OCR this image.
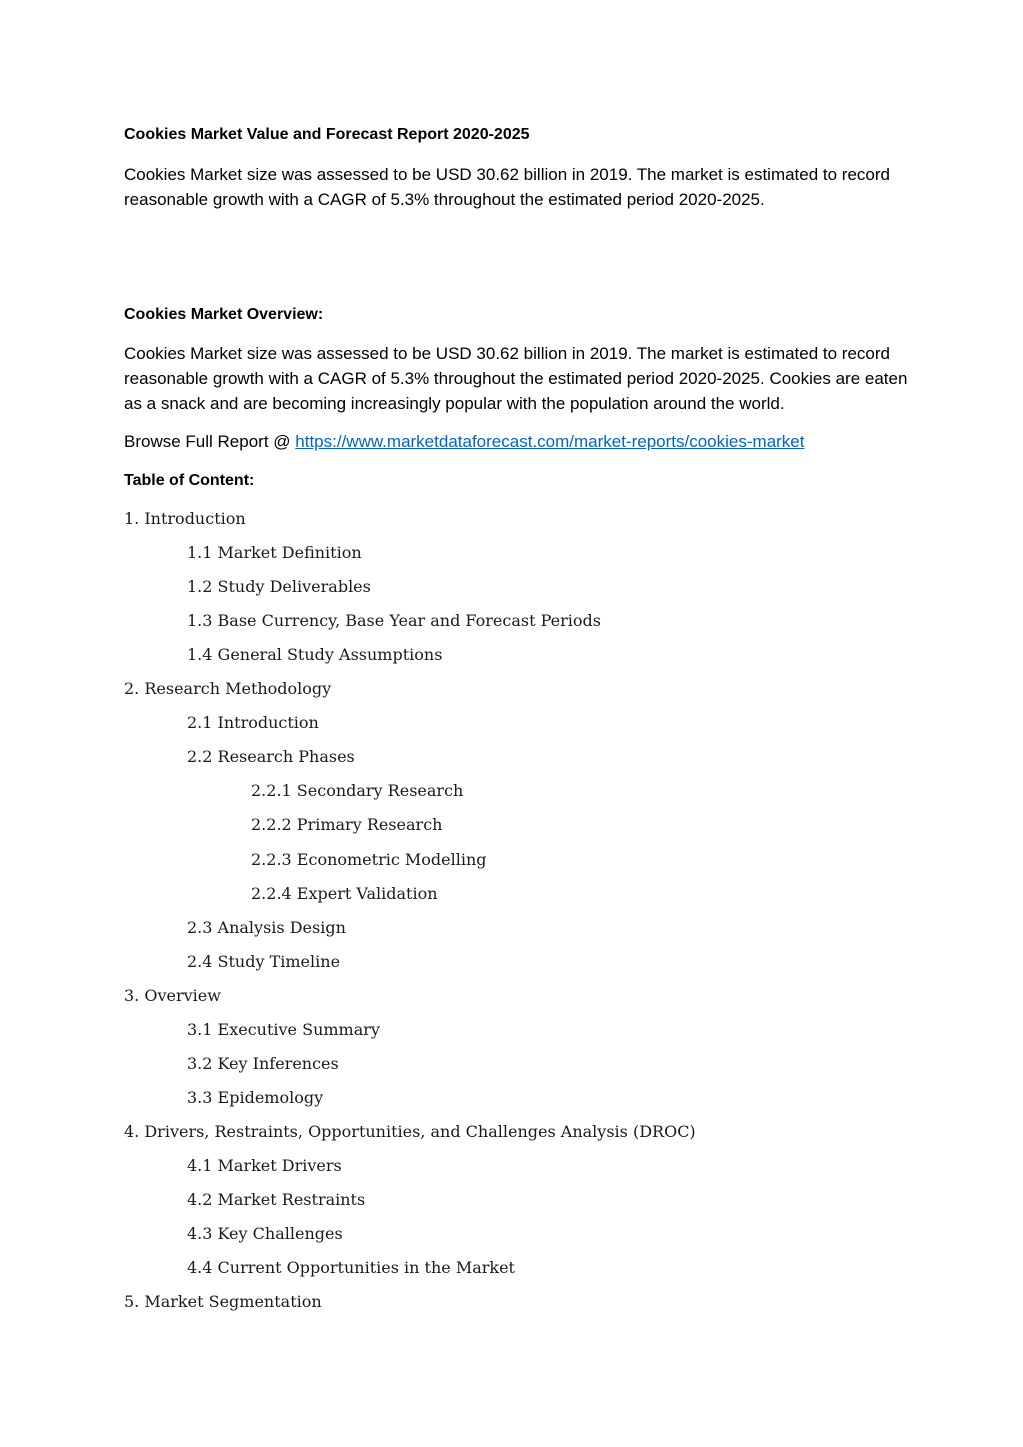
Cookies Market Value and Forecast Report 2020-2025

Cookies Market size was assessed to be USD 30.62 billion in 2019. The market is estimated to record reasonable growth with a CAGR of 5.3% throughout the estimated period 2020-2025.

Cookies Market Overview:

Cookies Market size was assessed to be USD 30.62 billion in 2019. The market is estimated to record reasonable growth with a CAGR of 5.3% throughout the estimated period 2020-2025. Cookies are eaten as a snack and are becoming increasingly popular with the population around the world.

Browse Full Report @ https://www.marketdataforecast.com/market-reports/cookies-market
Table of Content:
1. Introduction
1.1 Market Definition
1.2 Study Deliverables
1.3 Base Currency, Base Year and Forecast Periods
1.4 General Study Assumptions
2. Research Methodology
2.1 Introduction
2.2 Research Phases
2.2.1 Secondary Research
2.2.2 Primary Research
2.2.3 Econometric Modelling
2.2.4 Expert Validation
2.3 Analysis Design
2.4 Study Timeline
3. Overview
3.1 Executive Summary
3.2 Key Inferences
3.3 Epidemology
4. Drivers, Restraints, Opportunities, and Challenges Analysis (DROC)
4.1 Market Drivers
4.2 Market Restraints
4.3 Key Challenges
4.4 Current Opportunities in the Market
5. Market Segmentation
